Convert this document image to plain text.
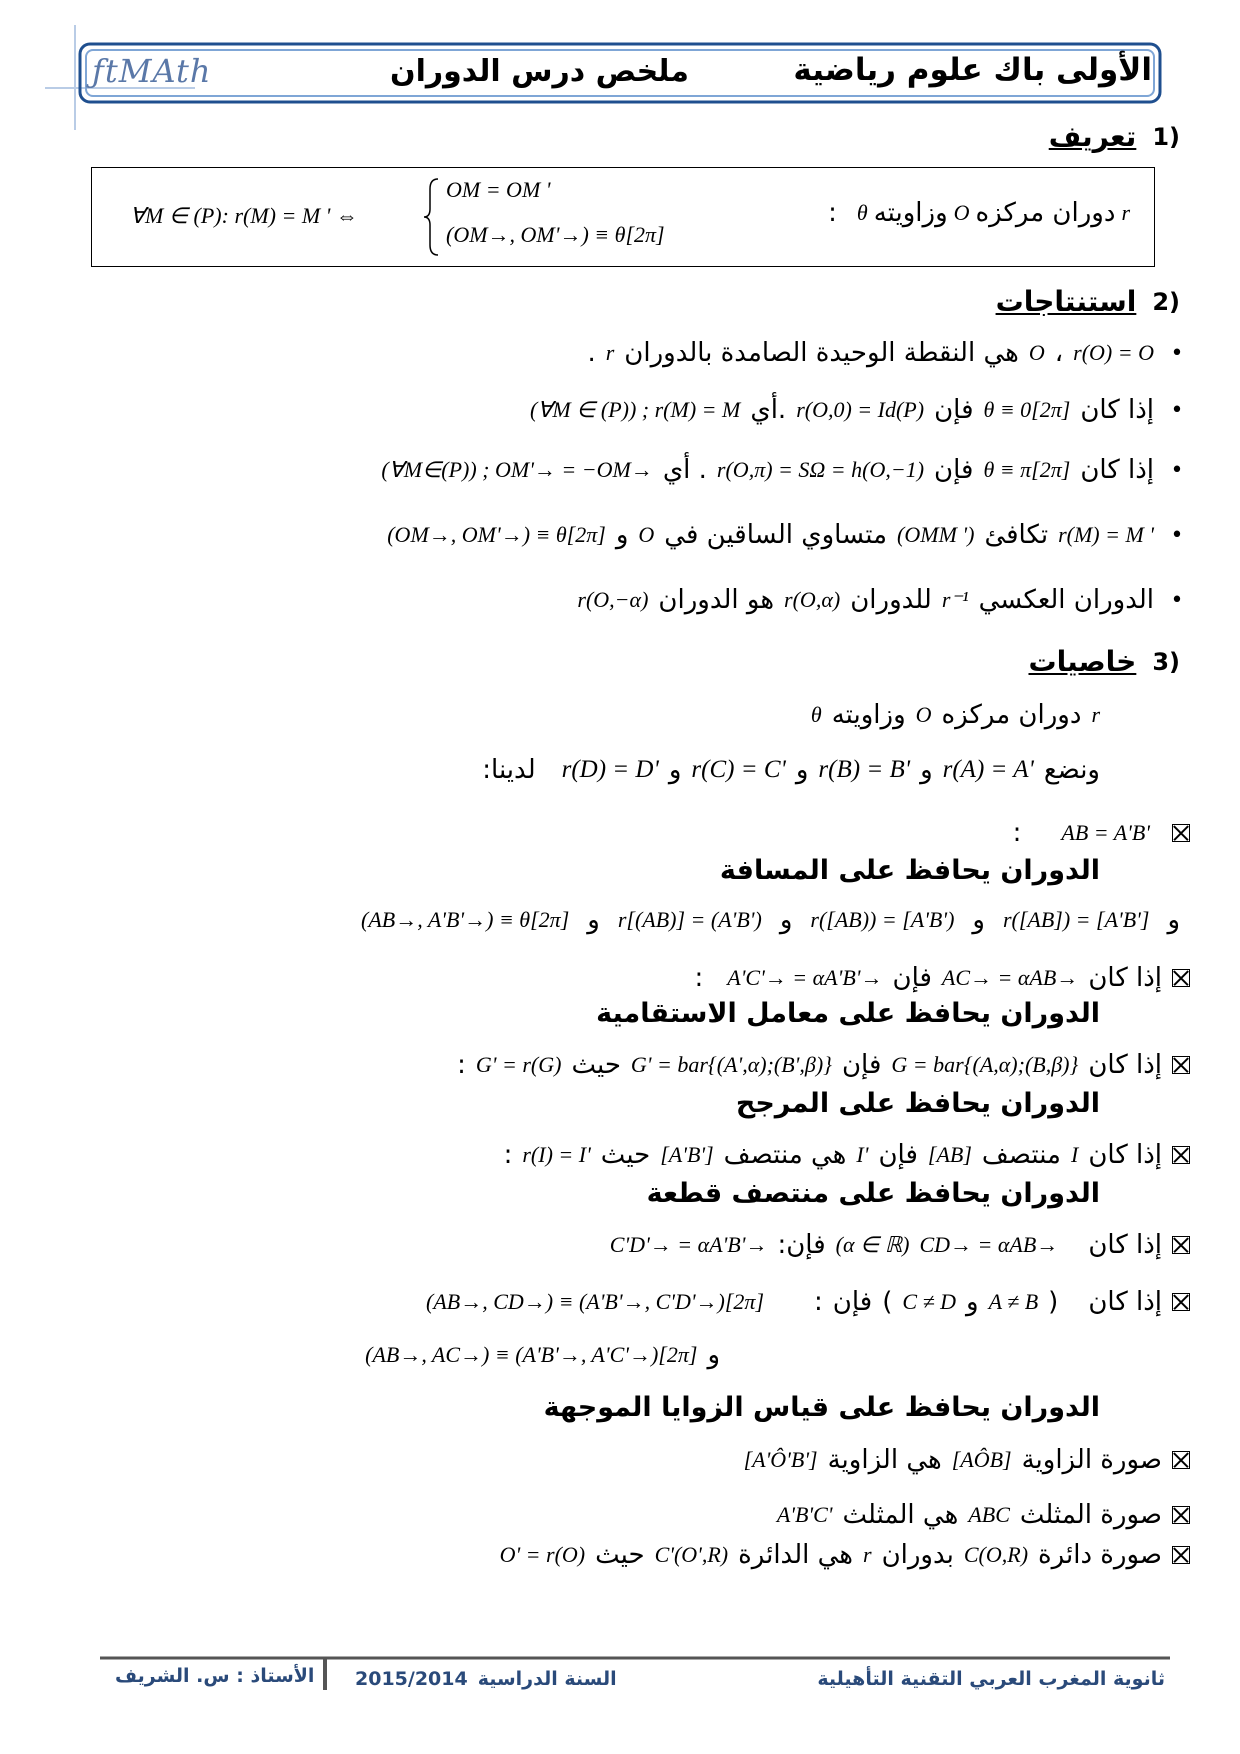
ƒtMAth	ملخص درس الدوران	الأولى باك علوم رياضية
1)
تعريف
∀M ∈ (P): r(M) = M ' ⇔
OM = OM '
(OM→, OM'→) ≡ θ[2π]
r
دوران مركزه
O
وزاويته
θ
:
2)
استنتاجات
•
r(O) = O
،
O
هي النقطة الوحيدة الصامدة بالدوران
r
.
•
إذا كان
θ ≡ 0[2π]
فإن
r(O,0) = Id(P)
.أي
(∀M ∈ (P)) ; r(M) = M
•
إذا كان
θ ≡ π[2π]
فإن
r(O,π) = SΩ = h(O,−1)
. أي
(∀M∈(P)) ; OM'→ = −OM→
•
r(M) = M '
تكافئ
(OMM ')
متساوي الساقين في
O
و
(OM→, OM'→) ≡ θ[2π]
•
الدوران العكسي
r⁻¹
للدوران
r(O,α)
هو الدوران
r(O,−α)
3)
خاصيات
r
دوران مركزه
O
وزاويته
θ
ونضع
r(A) = A'
و
r(B) = B'
و
r(C) = C'
و
r(D) = D'
لدينا:
AB = A'B'
:
الدوران يحافظ على المسافة
و
r([AB]) = [A'B']
و
r([AB)) = [A'B')
و
r[(AB)] = (A'B')
و
(AB→, A'B'→) ≡ θ[2π]
إذا كان
AC→ = αAB→
فإن
A'C'→ = αA'B'→
:
الدوران يحافظ على معامل الاستقامية
إذا كان
G = bar{(A,α);(B,β)}
فإن
G' = bar{(A',α);(B',β)}
حيث
G' = r(G)
:
الدوران يحافظ على المرجح
إذا كان
I
منتصف
[AB]
فإن
I'
هي منتصف
[A'B']
حيث
r(I) = I'
:
الدوران يحافظ على منتصف قطعة
إذا كان
CD→ = αAB→
(α ∈ ℝ)
فإن:
C'D'→ = αA'B'→
إذا كان
(
A ≠ B
و
C ≠ D
)
فإن
:
(AB→, CD→) ≡ (A'B'→, C'D'→)[2π]
و
(AB→, AC→) ≡ (A'B'→, A'C'→)[2π]
الدوران يحافظ على قياس الزوايا الموجهة
صورة الزاوية
[AÔB]
هي الزاوية
[A'Ô'B']
صورة المثلث
ABC
هي المثلث
A'B'C'
صورة دائرة
C(O,R)
بدوران
r
هي الدائرة
C'(O',R)
حيث
O' = r(O)
ثانوية المغرب العربي التقنية التأهيلية
السنة الدراسية
2015/2014
الأستاذ : س. الشريف
